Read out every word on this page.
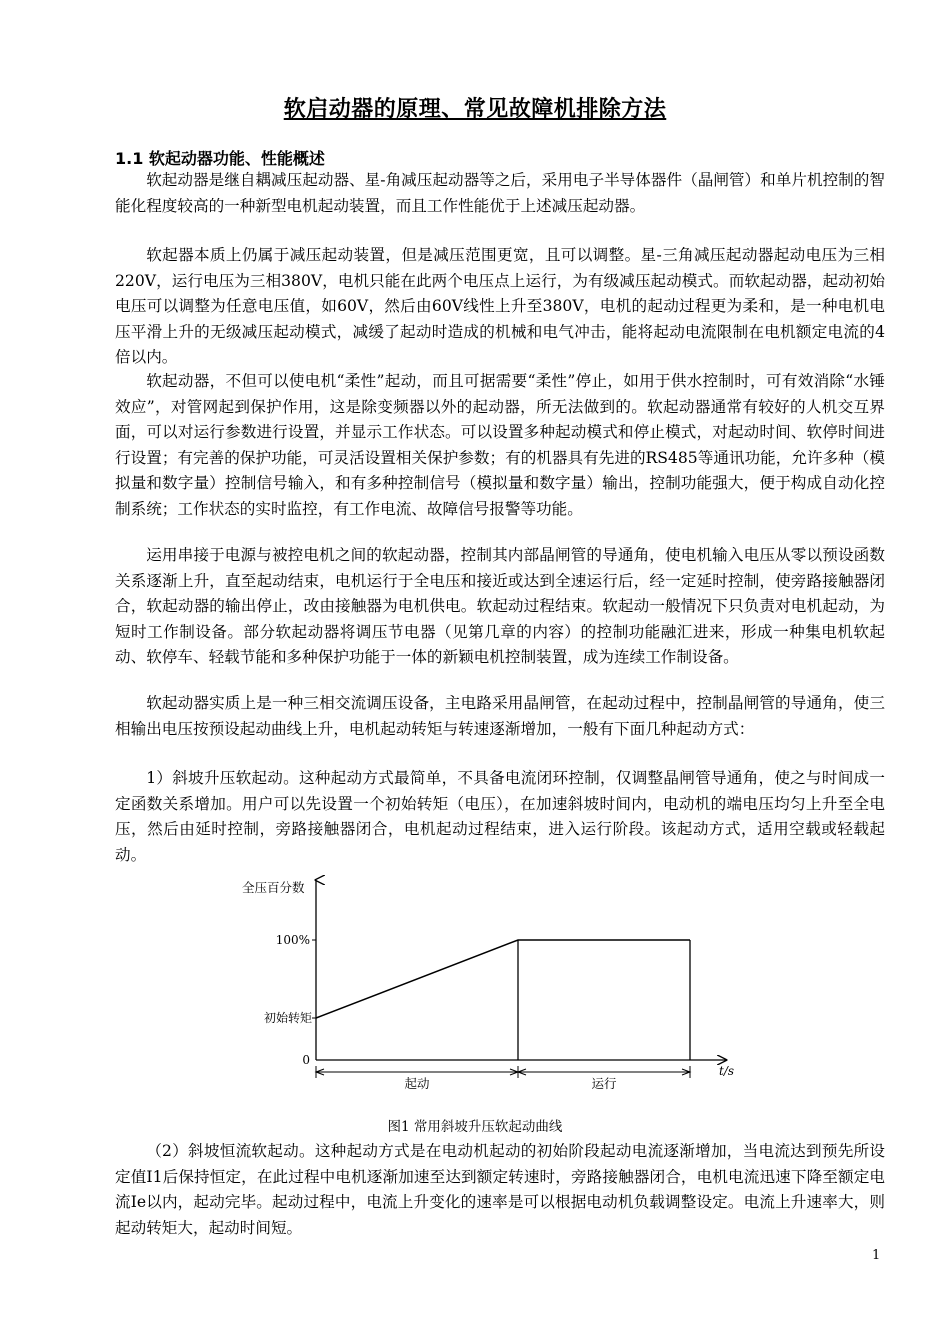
软启动器的原理、常见故障机排除方法
1.1 软起动器功能、性能概述

软起动器是继自耦减压起动器、星-角减压起动器等之后，采用电子半导体器件（晶闸管）和单片机控制的智能化程度较高的一种新型电机起动装置，而且工作性能优于上述减压起动器。

软起器本质上仍属于减压起动装置，但是减压范围更宽，且可以调整。星-三角减压起动器起动电压为三相220V，运行电压为三相380V，电机只能在此两个电压点上运行，为有级减压起动模式。而软起动器，起动初始电压可以调整为任意电压值，如60V，然后由60V线性上升至380V，电机的起动过程更为柔和，是一种电机电压平滑上升的无级减压起动模式，减缓了起动时造成的机械和电气冲击，能将起动电流限制在电机额定电流的4倍以内。

软起动器，不但可以使电机“柔性”起动，而且可据需要“柔性”停止，如用于供水控制时，可有效消除“水锤效应”，对管网起到保护作用，这是除变频器以外的起动器，所无法做到的。软起动器通常有较好的人机交互界面，可以对运行参数进行设置，并显示工作状态。可以设置多种起动模式和停止模式，对起动时间、软停时间进行设置；有完善的保护功能，可灵活设置相关保护参数；有的机器具有先进的RS485等通讯功能，允许多种（模拟量和数字量）控制信号输入，和有多种控制信号（模拟量和数字量）输出，控制功能强大，便于构成自动化控制系统；工作状态的实时监控，有工作电流、故障信号报警等功能。

运用串接于电源与被控电机之间的软起动器，控制其内部晶闸管的导通角，使电机输入电压从零以预设函数关系逐渐上升，直至起动结束，电机运行于全电压和接近或达到全速运行后，经一定延时控制，使旁路接触器闭合，软起动器的输出停止，改由接触器为电机供电。软起动过程结束。软起动一般情况下只负责对电机起动，为短时工作制设备。部分软起动器将调压节电器（见第几章的内容）的控制功能融汇进来，形成一种集电机软起动、软停车、轻载节能和多种保护功能于一体的新颖电机控制装置，成为连续工作制设备。

软起动器实质上是一种三相交流调压设备，主电路采用晶闸管，在起动过程中，控制晶闸管的导通角，使三相输出电压按预设起动曲线上升，电机起动转矩与转速逐渐增加，一般有下面几种起动方式：

1）斜坡升压软起动。这种起动方式最简单，不具备电流闭环控制，仅调整晶闸管导通角，使之与时间成一定函数关系增加。用户可以先设置一个初始转矩（电压），在加速斜坡时间内，电动机的端电压均匀上升至全电压，然后由延时控制，旁路接触器闭合，电机起动过程结束，进入运行阶段。该起动方式，适用空载或轻载起动。

全压百分数
100%
初始转矩
0
t/s
起动	运行
图1 常用斜坡升压软起动曲线

（2）斜坡恒流软起动。这种起动方式是在电动机起动的初始阶段起动电流逐渐增加，当电流达到预先所设定值I1后保持恒定，在此过程中电机逐渐加速至达到额定转速时，旁路接触器闭合，电机电流迅速下降至额定电流Ie以内，起动完毕。起动过程中，电流上升变化的速率是可以根据电动机负载调整设定。电流上升速率大，则起动转矩大，起动时间短。

1
